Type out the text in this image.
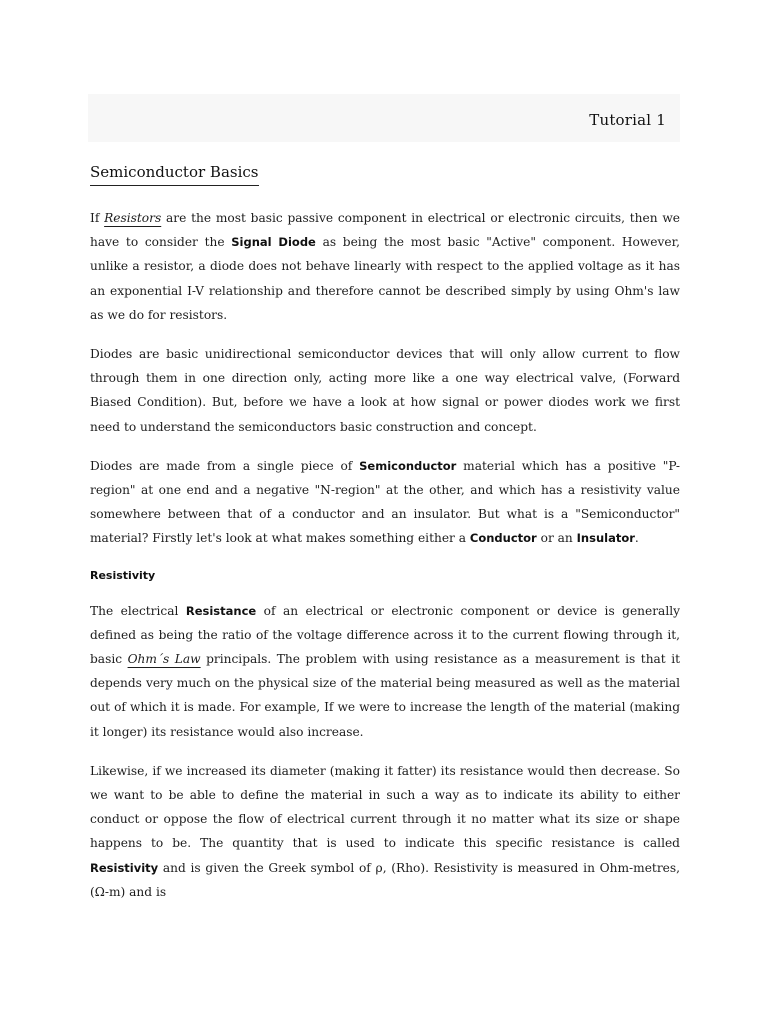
Tutorial 1
Semiconductor Basics

If Resistors are the most basic passive component in electrical or electronic circuits, then we have to consider the Signal Diode as being the most basic "Active" component. However, unlike a resistor, a diode does not behave linearly with respect to the applied voltage as it has an exponential I-V relationship and therefore cannot be described simply by using Ohm's law as we do for resistors.

Diodes are basic unidirectional semiconductor devices that will only allow current to flow through them in one direction only, acting more like a one way electrical valve, (Forward Biased Condition). But, before we have a look at how signal or power diodes work we first need to understand the semiconductors basic construction and concept.

Diodes are made from a single piece of Semiconductor material which has a positive "P-region" at one end and a negative "N-region" at the other, and which has a resistivity value somewhere between that of a conductor and an insulator. But what is a "Semiconductor" material? Firstly let's look at what makes something either a Conductor or an Insulator.

Resistivity

The electrical Resistance of an electrical or electronic component or device is generally defined as being the ratio of the voltage difference across it to the current flowing through it, basic Ohm´s Law principals. The problem with using resistance as a measurement is that it depends very much on the physical size of the material being measured as well as the material out of which it is made. For example, If we were to increase the length of the material (making it longer) its resistance would also increase.

Likewise, if we increased its diameter (making it fatter) its resistance would then decrease. So we want to be able to define the material in such a way as to indicate its ability to either conduct or oppose the flow of electrical current through it no matter what its size or shape happens to be. The quantity that is used to indicate this specific resistance is called Resistivity and is given the Greek symbol of ρ, (Rho). Resistivity is measured in Ohm-metres, (Ω-m) and is
